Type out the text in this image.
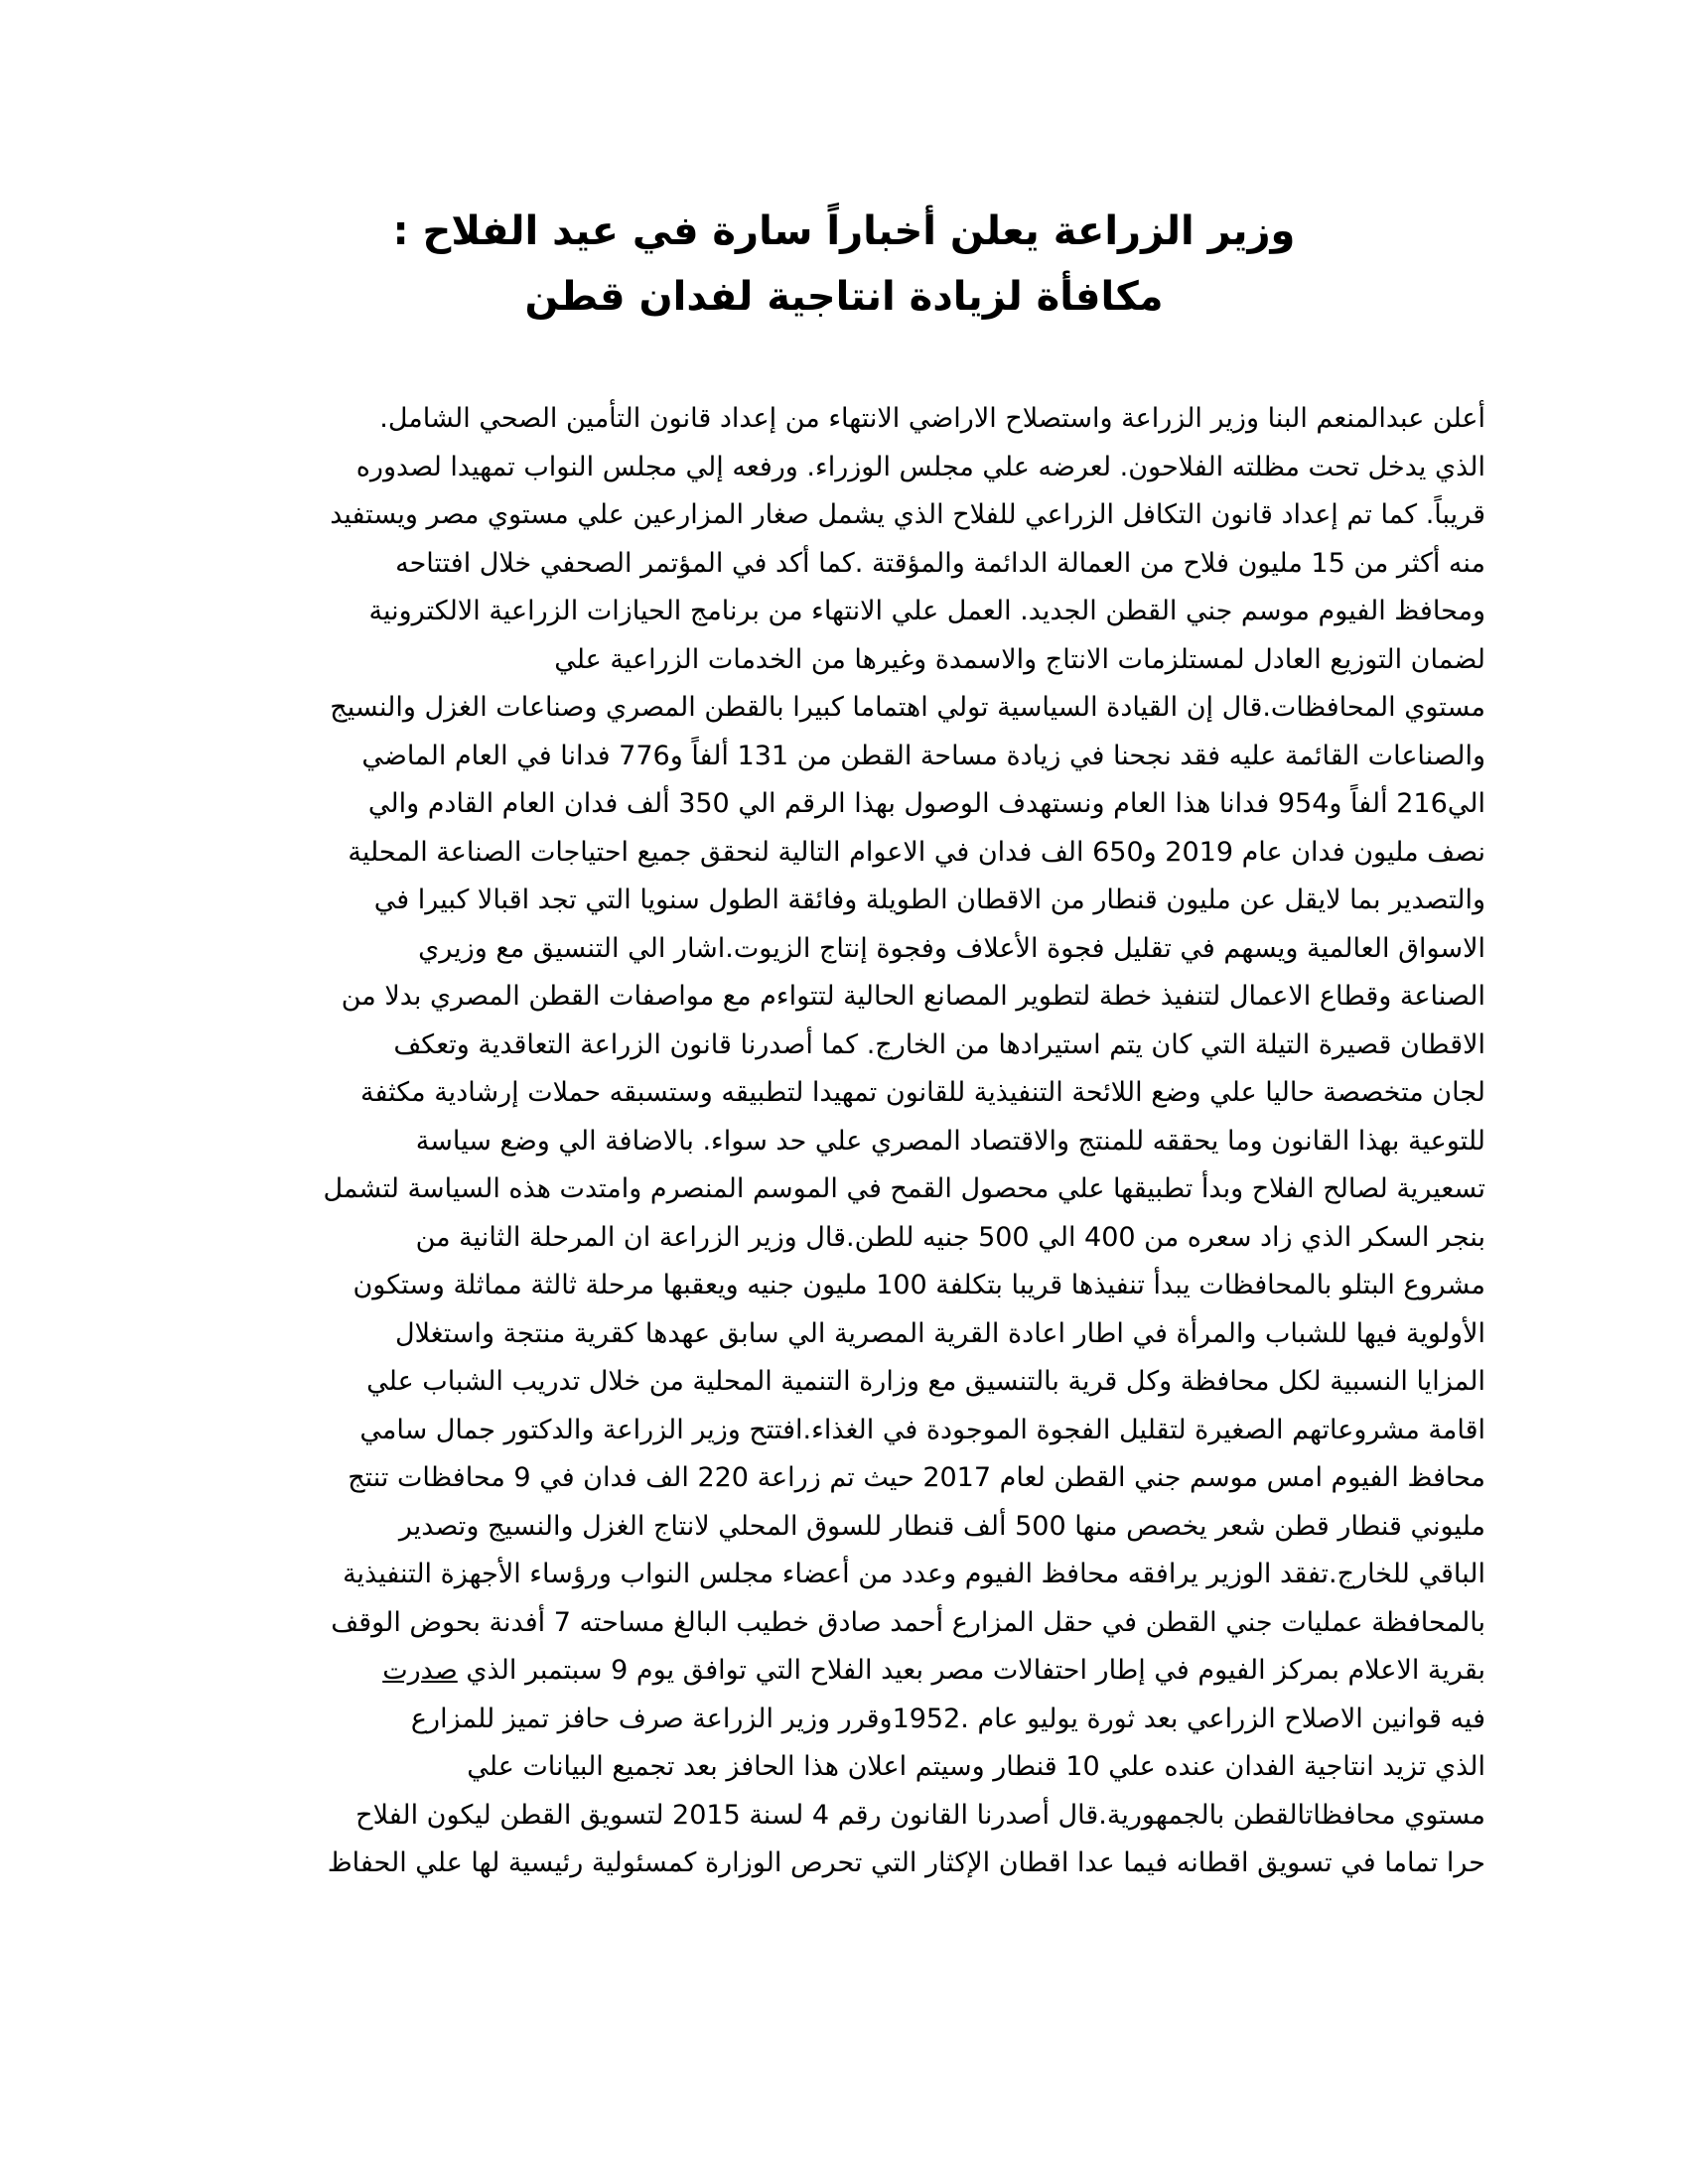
وزير الزراعة يعلن أخباراً سارة في عيد الفلاح :
مكافأة لزيادة انتاجية لفدان قطن
أعلن عبدالمنعم البنا وزير الزراعة واستصلاح الاراضي الانتهاء من إعداد قانون التأمين الصحي الشامل.
الذي يدخل تحت مظلته الفلاحون. لعرضه علي مجلس الوزراء. ورفعه إلي مجلس النواب تمهيدا لصدوره
قريباً. كما تم إعداد قانون التكافل الزراعي للفلاح الذي يشمل صغار المزارعين علي مستوي مصر ويستفيد
منه أكثر من 15 مليون فلاح من العمالة الدائمة والمؤقتة .كما أكد في المؤتمر الصحفي خلال افتتاحه
ومحافظ الفيوم موسم جني القطن الجديد. العمل علي الانتهاء من برنامج الحيازات الزراعية الالكترونية
لضمان التوزيع العادل لمستلزمات الانتاج والاسمدة وغيرها من الخدمات الزراعية علي
مستوي المحافظات.قال إن القيادة السياسية تولي اهتماما كبيرا بالقطن المصري وصناعات الغزل والنسيج
والصناعات القائمة عليه فقد نجحنا في زيادة مساحة القطن من 131 ألفاً و776 فدانا في العام الماضي
الي216 ألفاً و954 فدانا هذا العام ونستهدف الوصول بهذا الرقم الي 350 ألف فدان العام القادم والي
نصف مليون فدان عام 2019 و650 الف فدان في الاعوام التالية لنحقق جميع احتياجات الصناعة المحلية
والتصدير بما لايقل عن مليون قنطار من الاقطان الطويلة وفائقة الطول سنويا التي تجد اقبالا كبيرا في
الاسواق العالمية ويسهم في تقليل فجوة الأعلاف وفجوة إنتاج الزيوت.اشار الي التنسيق مع وزيري
الصناعة وقطاع الاعمال لتنفيذ خطة لتطوير المصانع الحالية لتتواءم مع مواصفات القطن المصري بدلا من
الاقطان قصيرة التيلة التي كان يتم استيرادها من الخارج. كما أصدرنا قانون الزراعة التعاقدية وتعكف
لجان متخصصة حاليا علي وضع اللائحة التنفيذية للقانون تمهيدا لتطبيقه وستسبقه حملات إرشادية مكثفة
للتوعية بهذا القانون وما يحققه للمنتج والاقتصاد المصري علي حد سواء. بالاضافة الي وضع سياسة
تسعيرية لصالح الفلاح وبدأ تطبيقها علي محصول القمح في الموسم المنصرم وامتدت هذه السياسة لتشمل
بنجر السكر الذي زاد سعره من 400 الي 500 جنيه للطن.قال وزير الزراعة ان المرحلة الثانية من
مشروع البتلو بالمحافظات يبدأ تنفيذها قريبا بتكلفة 100 مليون جنيه ويعقبها مرحلة ثالثة مماثلة وستكون
الأولوية فيها للشباب والمرأة في اطار اعادة القرية المصرية الي سابق عهدها كقرية منتجة واستغلال
المزايا النسبية لكل محافظة وكل قرية بالتنسيق مع وزارة التنمية المحلية من خلال تدريب الشباب علي
اقامة مشروعاتهم الصغيرة لتقليل الفجوة الموجودة في الغذاء.افتتح وزير الزراعة والدكتور جمال سامي
محافظ الفيوم امس موسم جني القطن لعام 2017 حيث تم زراعة 220 الف فدان في 9 محافظات تنتج
مليوني قنطار قطن شعر يخصص منها 500 ألف قنطار للسوق المحلي لانتاج الغزل والنسيج وتصدير
الباقي للخارج.تفقد الوزير يرافقه محافظ الفيوم وعدد من أعضاء مجلس النواب ورؤساء الأجهزة التنفيذية
بالمحافظة عمليات جني القطن في حقل المزارع أحمد صادق خطيب البالغ مساحته 7 أفدنة بحوض الوقف
بقرية الاعلام بمركز الفيوم في إطار احتفالات مصر بعيد الفلاح التي توافق يوم 9 سبتمبر الذي صدرت
فيه قوانين الاصلاح الزراعي بعد ثورة يوليو عام .1952وقرر وزير الزراعة صرف حافز تميز للمزارع
الذي تزيد انتاجية الفدان عنده علي 10 قنطار وسيتم اعلان هذا الحافز بعد تجميع البيانات علي
مستوي محافظاتالقطن بالجمهورية.قال أصدرنا القانون رقم 4 لسنة 2015 لتسويق القطن ليكون الفلاح
حرا تماما في تسويق اقطانه فيما عدا اقطان الإكثار التي تحرص الوزارة كمسئولية رئيسية لها علي الحفاظ
